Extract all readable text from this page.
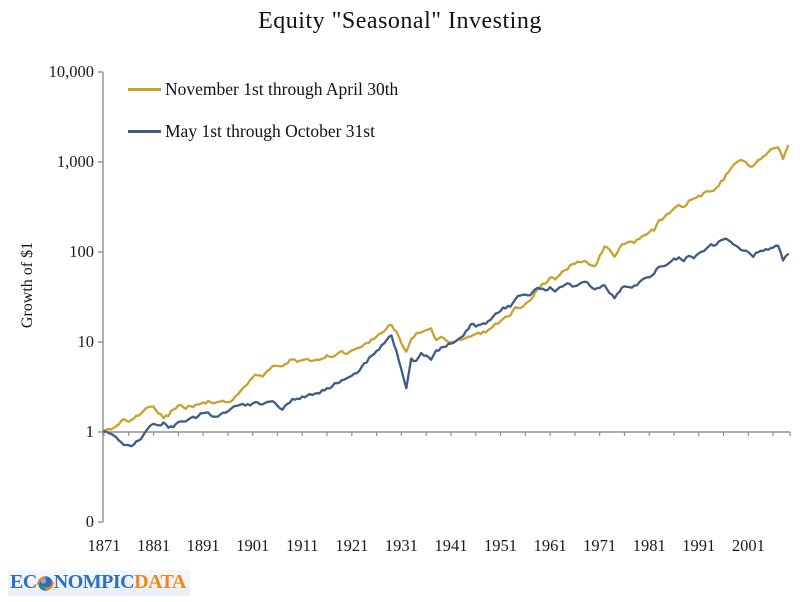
10,000
1,000
100
10
1
0
1871 1881 1891 1901 1911 1921 1931 1941 1951 1961 1971 1981 1991 2001
Equity "Seasonal" Investing
Growth of $1
November 1st through April 30th
May 1st through October 31st
EC NOMPIC DATA
